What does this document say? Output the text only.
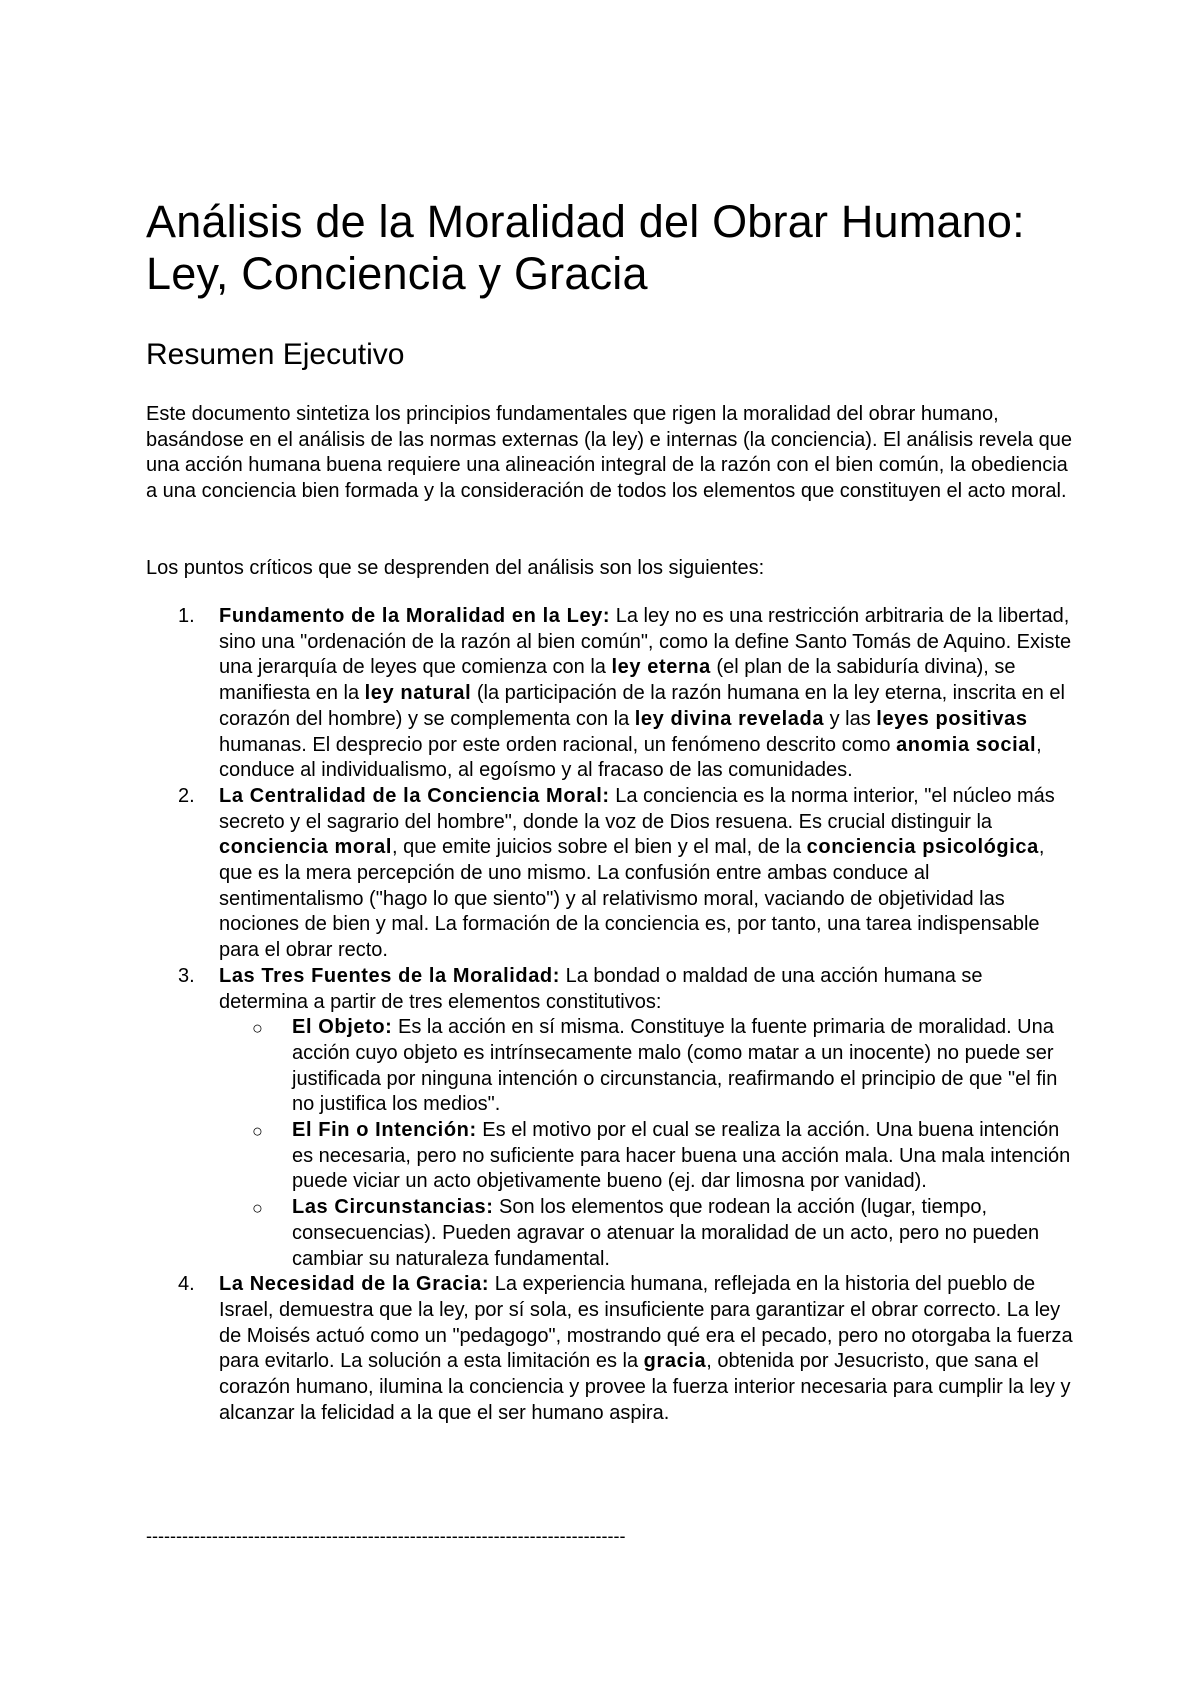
Análisis de la Moralidad del Obrar Humano: Ley, Conciencia y Gracia
Resumen Ejecutivo

Este documento sintetiza los principios fundamentales que rigen la moralidad del obrar humano, basándose en el análisis de las normas externas (la ley) e internas (la conciencia). El análisis revela que una acción humana buena requiere una alineación integral de la razón con el bien común, la obediencia a una conciencia bien formada y la consideración de todos los elementos que constituyen el acto moral.

Los puntos críticos que se desprenden del análisis son los siguientes:

1. Fundamento de la Moralidad en la Ley: La ley no es una restricción arbitraria de la libertad, sino una "ordenación de la razón al bien común", como la define Santo Tomás de Aquino. Existe una jerarquía de leyes que comienza con la ley eterna (el plan de la sabiduría divina), se manifiesta en la ley natural (la participación de la razón humana en la ley eterna, inscrita en el corazón del hombre) y se complementa con la ley divina revelada y las leyes positivas humanas. El desprecio por este orden racional, un fenómeno descrito como anomia social, conduce al individualismo, al egoísmo y al fracaso de las comunidades.
2. La Centralidad de la Conciencia Moral: La conciencia es la norma interior, "el núcleo más secreto y el sagrario del hombre", donde la voz de Dios resuena. Es crucial distinguir la conciencia moral, que emite juicios sobre el bien y el mal, de la conciencia psicológica, que es la mera percepción de uno mismo. La confusión entre ambas conduce al sentimentalismo ("hago lo que siento") y al relativismo moral, vaciando de objetividad las nociones de bien y mal. La formación de la conciencia es, por tanto, una tarea indispensable para el obrar recto.
3. Las Tres Fuentes de la Moralidad: La bondad o maldad de una acción humana se determina a partir de tres elementos constitutivos:
○ El Objeto: Es la acción en sí misma. Constituye la fuente primaria de moralidad. Una acción cuyo objeto es intrínsecamente malo (como matar a un inocente) no puede ser justificada por ninguna intención o circunstancia, reafirmando el principio de que "el fin no justifica los medios".
○ El Fin o Intención: Es el motivo por el cual se realiza la acción. Una buena intención es necesaria, pero no suficiente para hacer buena una acción mala. Una mala intención puede viciar un acto objetivamente bueno (ej. dar limosna por vanidad).
○ Las Circunstancias: Son los elementos que rodean la acción (lugar, tiempo, consecuencias). Pueden agravar o atenuar la moralidad de un acto, pero no pueden cambiar su naturaleza fundamental.
4. La Necesidad de la Gracia: La experiencia humana, reflejada en la historia del pueblo de Israel, demuestra que la ley, por sí sola, es insuficiente para garantizar el obrar correcto. La ley de Moisés actuó como un "pedagogo", mostrando qué era el pecado, pero no otorgaba la fuerza para evitarlo. La solución a esta limitación es la gracia, obtenida por Jesucristo, que sana el corazón humano, ilumina la conciencia y provee la fuerza interior necesaria para cumplir la ley y alcanzar la felicidad a la que el ser humano aspira.
--------------------------------------------------------------------------------
